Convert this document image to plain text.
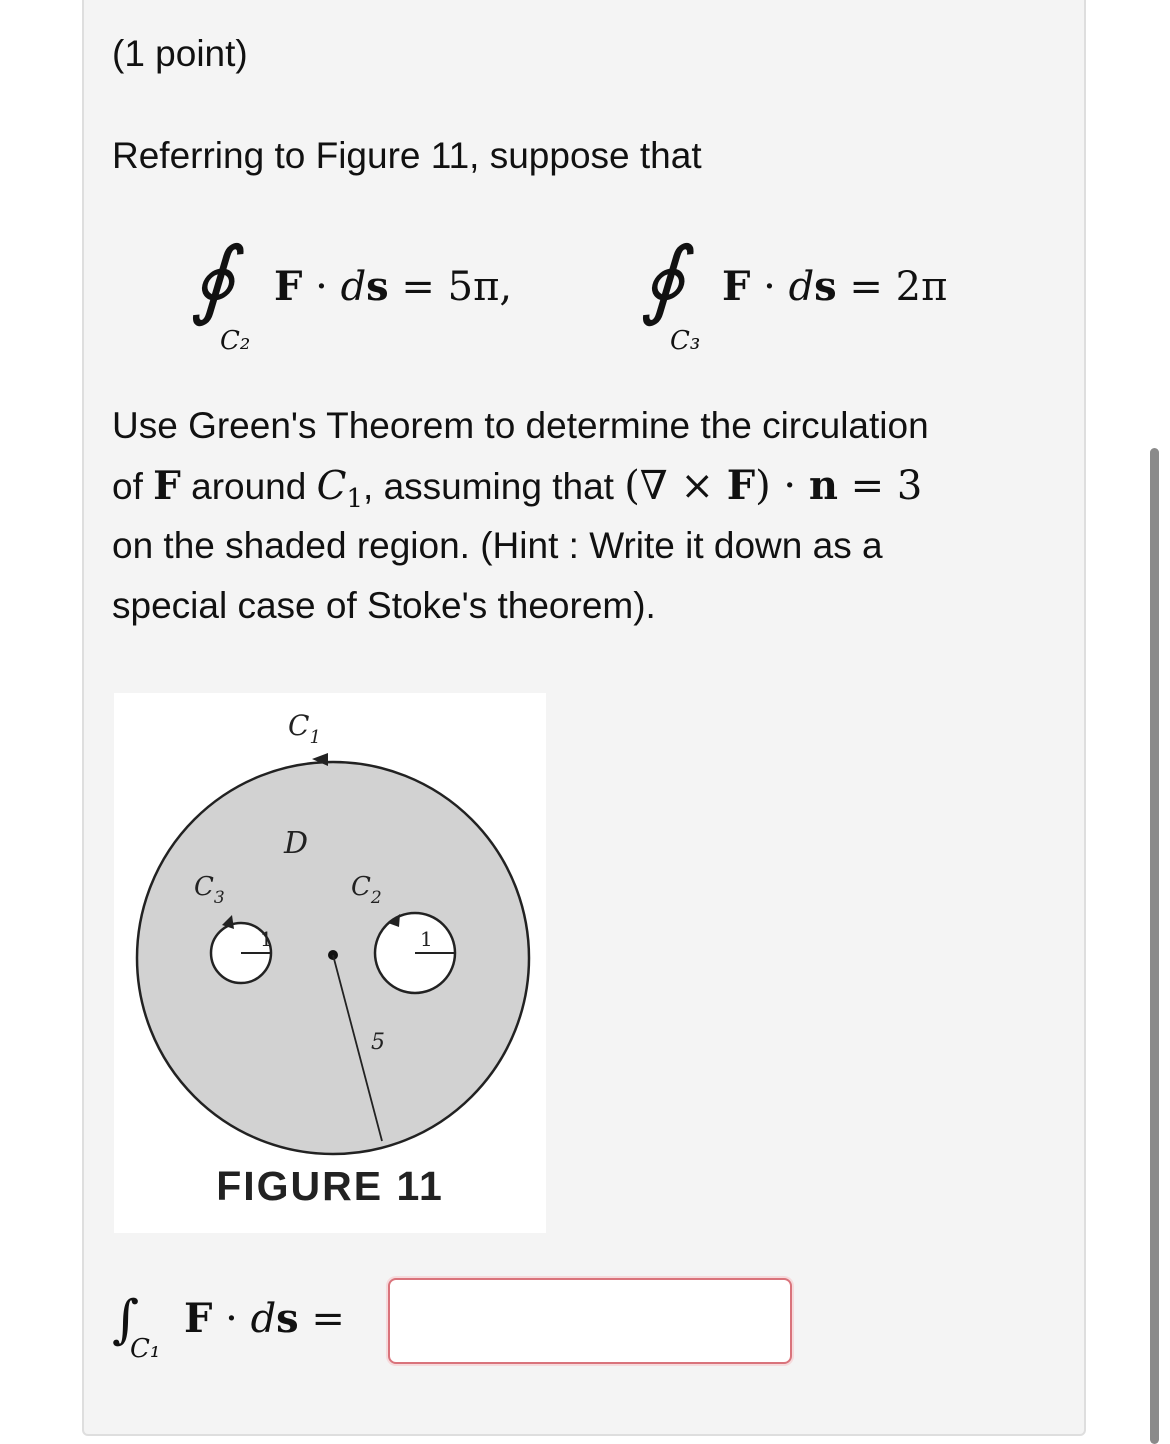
(1 point)
Referring to Figure 11, suppose that
∮
C₂
F · ds = 5π, ∮
C₃
F · ds = 2π
Use Green's Theorem to determine the circulation
of F around $C_1$, assuming that (∇ × F) · n = 3
on the shaded region. (Hint : Write it down as a
special case of Stoke's theorem).
$C_1$
D
$C_3$	$C_2$
1	1
5
FIGURE 11
∫
C₁
F · ds =
